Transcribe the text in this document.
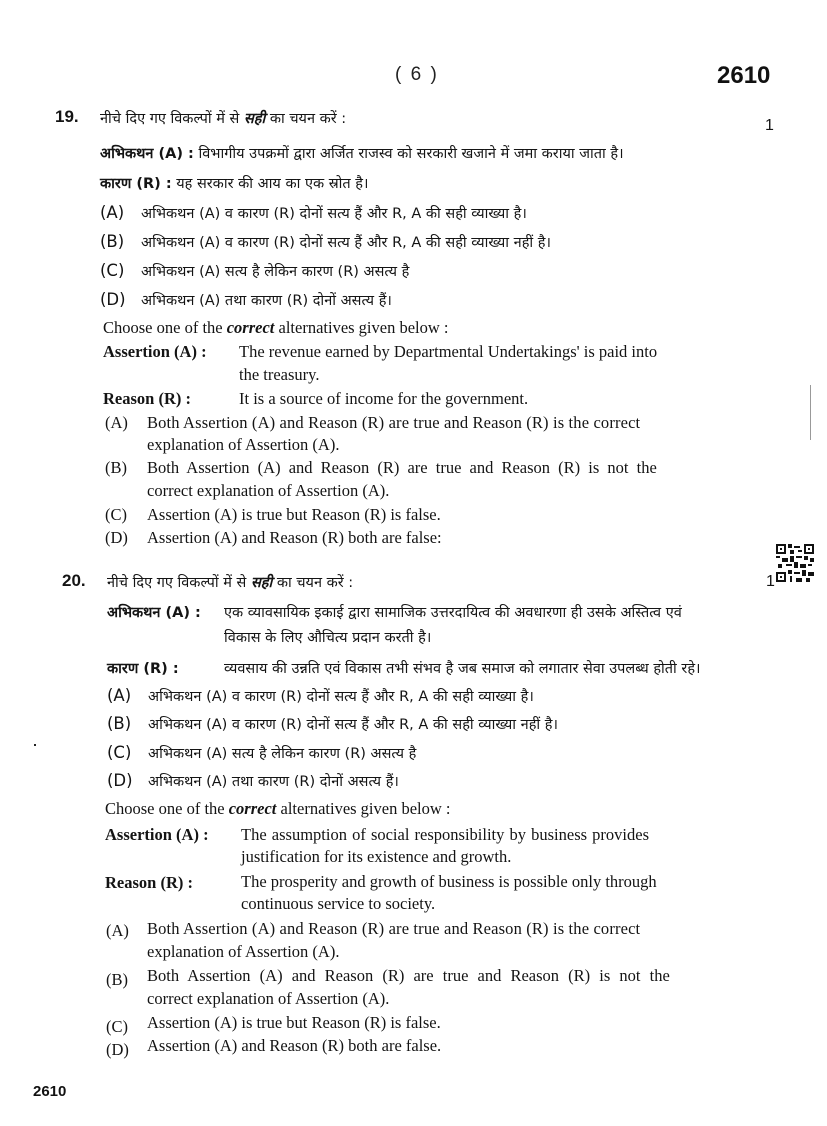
( 6 )	2610
19. नीचे दिए गए विकल्पों में से सही का चयन करें :	1
अभिकथन (A) : विभागीय उपक्रमों द्वारा अर्जित राजस्व को सरकारी खजाने में जमा कराया जाता है।
कारण (R) : यह सरकार की आय का एक स्रोत है।
(A) अभिकथन (A) व कारण (R) दोनों सत्य हैं और R, A की सही व्याख्या है।
(B) अभिकथन (A) व कारण (R) दोनों सत्य हैं और R, A की सही व्याख्या नहीं है।
(C) अभिकथन (A) सत्य है लेकिन कारण (R) असत्य है
(D) अभिकथन (A) तथा कारण (R) दोनों असत्य हैं।
Choose one of the correct alternatives given below :
Assertion (A) : The revenue earned by Departmental Undertakings' is paid into
the treasury.
Reason (R) :	It is a source of income for the government.
(A) Both Assertion (A) and Reason (R) are true and Reason (R) is the correct
explanation of Assertion (A).
(B) Both Assertion (A) and Reason (R) are true and Reason (R) is not the
correct explanation of Assertion (A).
(C) Assertion (A) is true but Reason (R) is false.
(D) Assertion (A) and Reason (R) both are false:
20. नीचे दिए गए विकल्पों में से सही का चयन करें :	1
अभिकथन (A) : एक व्यावसायिक इकाई द्वारा सामाजिक उत्तरदायित्व की अवधारणा ही उसके अस्तित्व एवं
विकास के लिए औचित्य प्रदान करती है।
कारण (R) :	व्यवसाय की उन्नति एवं विकास तभी संभव है जब समाज को लगातार सेवा उपलब्ध होती रहे।
(A) अभिकथन (A) व कारण (R) दोनों सत्य हैं और R, A की सही व्याख्या है।
(B) अभिकथन (A) व कारण (R) दोनों सत्य हैं और R, A की सही व्याख्या नहीं है।
(C) अभिकथन (A) सत्य है लेकिन कारण (R) असत्य है
(D) अभिकथन (A) तथा कारण (R) दोनों असत्य हैं।
Choose one of the correct alternatives given below :
Assertion (A) : The assumption of social responsibility by business provides
justification for its existence and growth.
Reason (R) :	The prosperity and growth of business is possible only through
continuous service to society.
(A) Both Assertion (A) and Reason (R) are true and Reason (R) is the correct
explanation of Assertion (A).
(B) Both Assertion (A) and Reason (R) are true and Reason (R) is not the
correct explanation of Assertion (A).
(C) Assertion (A) is true but Reason (R) is false.
(D) Assertion (A) and Reason (R) both are false.
2610
